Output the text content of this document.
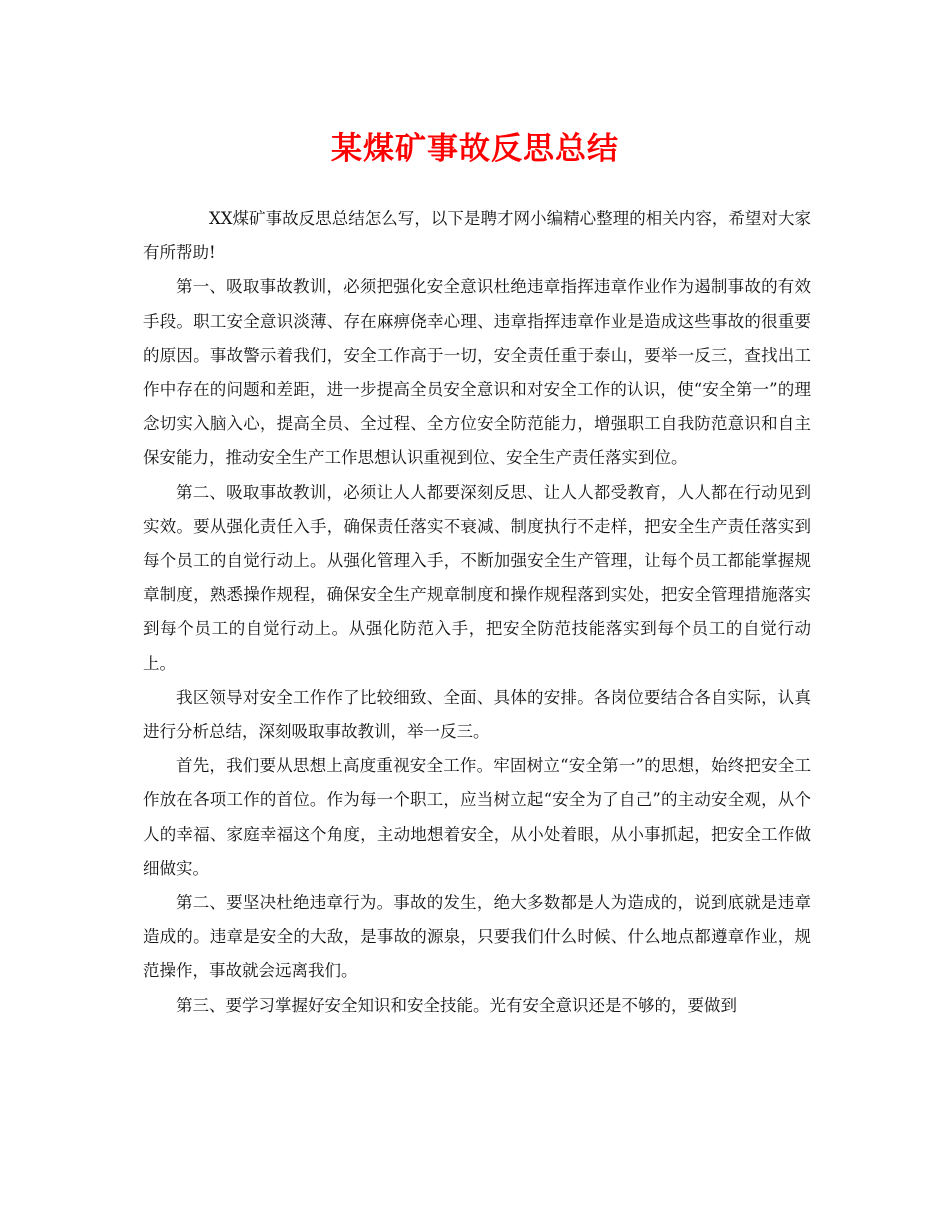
某煤矿事故反思总结

XX煤矿事故反思总结怎么写，以下是聘才网小编精心整理的相关内容，希望对大家有所帮助!

第一、吸取事故教训，必须把强化安全意识杜绝违章指挥违章作业作为遏制事故的有效手段。职工安全意识淡薄、存在麻痹侥幸心理、违章指挥违章作业是造成这些事故的很重要的原因。事故警示着我们，安全工作高于一切，安全责任重于泰山，要举一反三，查找出工作中存在的问题和差距，进一步提高全员安全意识和对安全工作的认识，使“安全第一”的理念切实入脑入心，提高全员、全过程、全方位安全防范能力，增强职工自我防范意识和自主保安能力，推动安全生产工作思想认识重视到位、安全生产责任落实到位。

第二、吸取事故教训，必须让人人都要深刻反思、让人人都受教育，人人都在行动见到实效。要从强化责任入手，确保责任落实不衰减、制度执行不走样，把安全生产责任落实到每个员工的自觉行动上。从强化管理入手，不断加强安全生产管理，让每个员工都能掌握规章制度，熟悉操作规程，确保安全生产规章制度和操作规程落到实处，把安全管理措施落实到每个员工的自觉行动上。从强化防范入手，把安全防范技能落实到每个员工的自觉行动上。

我区领导对安全工作作了比较细致、全面、具体的安排。各岗位要结合各自实际，认真进行分析总结，深刻吸取事故教训，举一反三。

首先，我们要从思想上高度重视安全工作。牢固树立“安全第一”的思想，始终把安全工作放在各项工作的首位。作为每一个职工，应当树立起“安全为了自己”的主动安全观，从个人的幸福、家庭幸福这个角度，主动地想着安全，从小处着眼，从小事抓起，把安全工作做细做实。

第二、要坚决杜绝违章行为。事故的发生，绝大多数都是人为造成的，说到底就是违章造成的。违章是安全的大敌，是事故的源泉，只要我们什么时候、什么地点都遵章作业，规范操作，事故就会远离我们。

第三、要学习掌握好安全知识和安全技能。光有安全意识还是不够的，要做到
